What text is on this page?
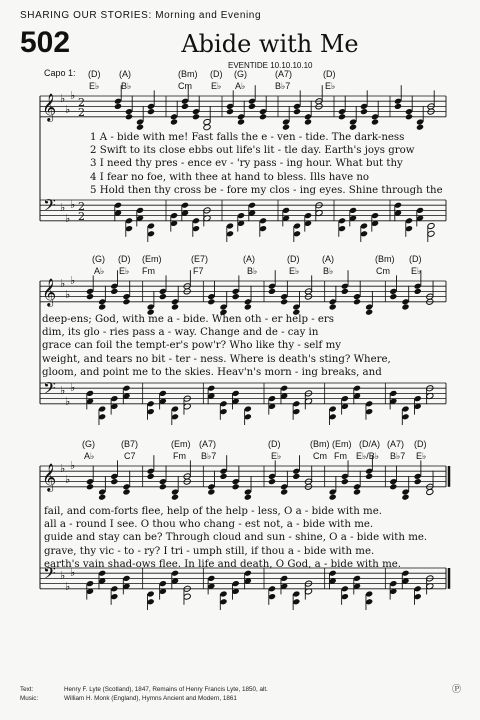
SHARING OUR STORIES: Morning and Evening
502	Abide with Me
EVENTIDE 10.10.10.10
Capo 1: (D) (A)	(Bm) (D) (G)	(A7)	(D)
E♭ B♭	Cm E♭ A♭	B♭7	E♭
(G) (D) (Em)	(E7)	(A)	(D)	(A)	(Bm) (D)
A♭ E♭ Fm	F7	B♭	E♭	B♭	Cm E♭
(G)	(B7)	(Em) (A7)	(D)	(Bm) (Em) (D/A) (A7) (D)
A♭	C7	Fm B♭7	E♭	Cm Fm E♭/B♭ B♭7 E♭
𝄞
𝄢
♭
♭
♭
♭
♭
♭
2
2
2
2
𝄞
𝄢
♭
♭
♭
♭
♭
♭
𝄞
𝄢
♭
♭
♭
♭
♭
♭
1 A - bide with me! Fast falls the e - ven - tide. The dark-ness
2 Swift to its close ebbs out life's lit - tle day. Earth's joys grow
3 I need thy pres - ence ev - 'ry pass - ing hour. What but thy
4 I fear no foe, with thee at hand to bless. Ills have no
5 Hold then thy cross be - fore my clos - ing eyes. Shine through the
deep-ens; God, with me a - bide. When oth - er help - ers
dim, its glo - ries pass a - way. Change and de - cay in
grace can foil the tempt-er's pow'r? Who like thy - self my
weight, and tears no bit - ter - ness. Where is death's sting? Where,
gloom, and point me to the skies. Heav'n's morn - ing breaks, and
fail, and com-forts flee, help of the help - less, O a - bide with me.
all a - round I see. O thou who chang - est not, a - bide with me.
guide and stay can be? Through cloud and sun - shine, O a - bide with me.
grave, thy vic - to - ry? I tri - umph still, if thou a - bide with me.
earth's vain shad-ows flee. In life and death, O God, a - bide with me.
Text:	Henry F. Lyte (Scotland), 1847, Remains of Henry Francis Lyte, 1850, alt.
Music:	William H. Monk (England), Hymns Ancient and Modern, 1861
Ⓟ
